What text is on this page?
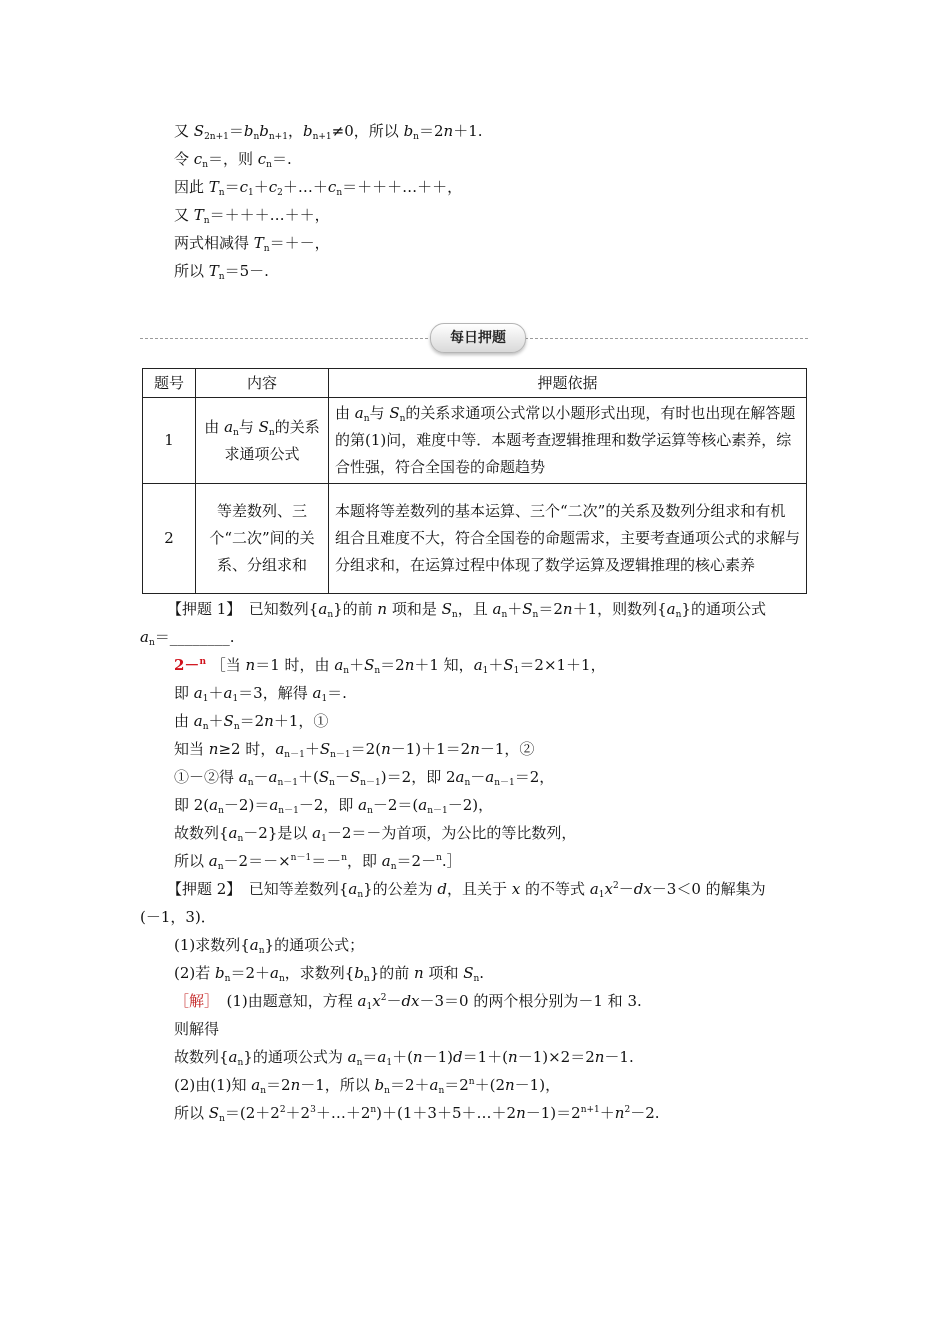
又 $S_{2n+1}=b_nb_{n+1}$，$b_{n+1}\ne 0$，所以 $b_n=2n+1$.
令 $c_n=$，则 $c_n=$.
因此 $T_n=c_1+c_2+\dots+c_n=+++\dots++$，
又 $T_n=+++\dots++$，
两式相减得 $T_n=+-$，
所以 $T_n=5-$.
每日押题
题号	内容	押题依据
1	由 $a_n$与 $S_n$的关系求通项公式	由 $a_n$与 $S_n$的关系求通项公式常以小题形式出现，有时也出现在解答题的第(1)问，难度中等．本题考查逻辑推理和数学运算等核心素养，综合性强，符合全国卷的命题趋势
2	等差数列、三个“二次”间的关系、分组求和	本题将等差数列的基本运算、三个“二次”的关系及数列分组求和有机组合且难度不大，符合全国卷的命题需求，主要考查通项公式的求解与分组求和，在运算过程中体现了数学运算及逻辑推理的核心素养
【押题 1】　已知数列$\{a_n\}$的前 n 项和是 $S_n$，且 $a_n+S_n=2n+1$，则数列$\{a_n\}$的通项公式
$a_n=\_\_\_\_\_\_\_\_$.
2－$^n$ ［当 n＝1 时，由 $a_n+S_n=2n+1$ 知，$a_1+S_1=2\times 1+1$，
即 $a_1+a_1=3$，解得 $a_1=$.
由 $a_n+S_n=2n+1$，①
知当 n≥2 时，$a_{n-1}+S_{n-1}=2(n-1)+1=2n-1$，②
①－②得 $a_n-a_{n-1}+(S_n-S_{n-1})=2$，即 $2a_n-a_{n-1}=2$，
即 $2(a_n-2)=a_{n-1}-2$，即 $a_n-2=(a_{n-1}-2)$，
故数列$\{a_n-2\}$是以 $a_1-2=-$为首项，为公比的等比数列，
所以 $a_n-2=-\times^{n-1}=-^n$，即 $a_n=2-^n.]$
【押题 2】　已知等差数列$\{a_n\}$的公差为 d，且关于 x 的不等式 $a_1x^2-dx-3<0$ 的解集为
(－1，3)．
(1)求数列$\{a_n\}$的通项公式；
(2)若 $b_n=2+a_n$，求数列$\{b_n\}$的前 n 项和 $S_n$.
［解］　(1)由题意知，方程 $a_1x^2-dx-3=0$ 的两个根分别为－1 和 3.
则解得
故数列$\{a_n\}$的通项公式为 $a_n=a_1+(n-1)d=1+(n-1)\times 2=2n-1$.
(2)由(1)知 $a_n=2n-1$，所以 $b_n=2+a_n=2^n+(2n-1)$，
所以 $S_n=(2+2^2+2^3+\dots+2^n)+(1+3+5+\dots+2n-1)=2^{n+1}+n^2-2$.
